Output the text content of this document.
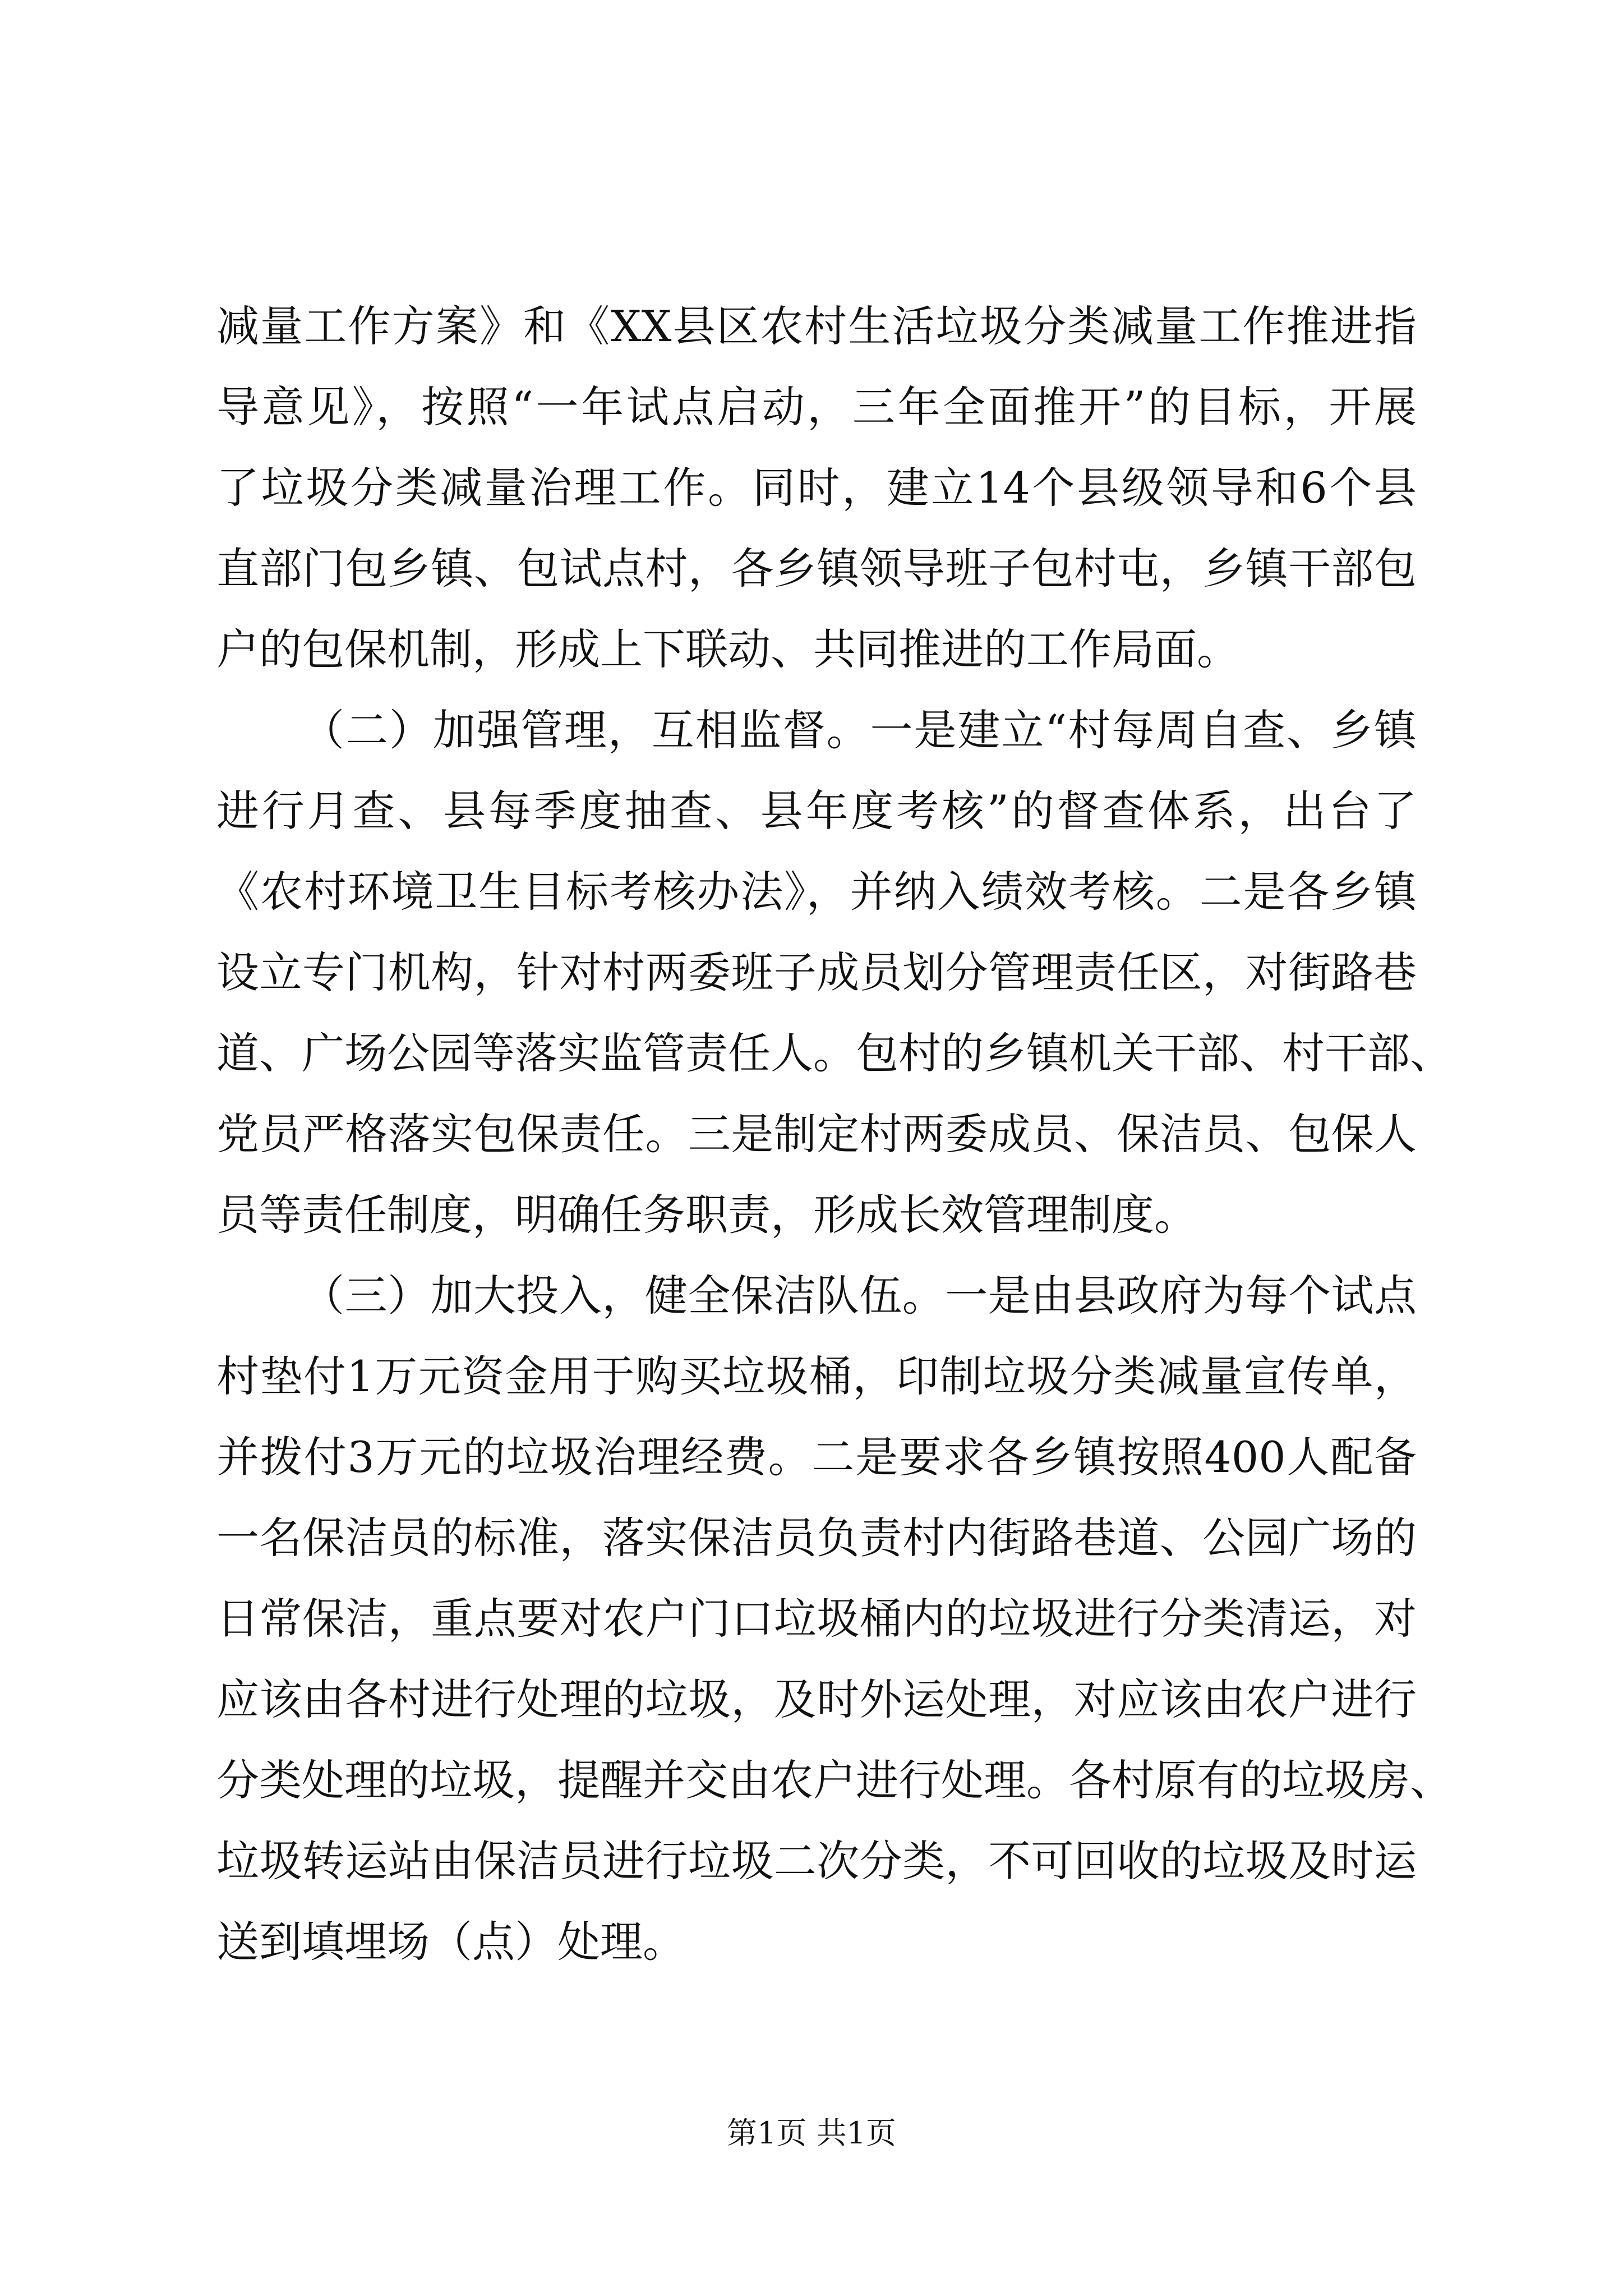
减量工作方案》和《XX县区农村生活垃圾分类减量工作推进指
导意见》，按照“一年试点启动，三年全面推开”的目标，开展
了垃圾分类减量治理工作。同时，建立14个县级领导和6个县
直部门包乡镇、包试点村，各乡镇领导班子包村屯，乡镇干部包
户的包保机制，形成上下联动、共同推进的工作局面。
（二）加强管理，互相监督。一是建立“村每周自查、乡镇
进行月查、县每季度抽查、县年度考核”的督查体系，出台了
《农村环境卫生目标考核办法》，并纳入绩效考核。二是各乡镇
设立专门机构，针对村两委班子成员划分管理责任区，对街路巷
道、广场公园等落实监管责任人。包村的乡镇机关干部、村干部、
党员严格落实包保责任。三是制定村两委成员、保洁员、包保人
员等责任制度，明确任务职责，形成长效管理制度。
（三）加大投入，健全保洁队伍。一是由县政府为每个试点
村垫付1万元资金用于购买垃圾桶，印制垃圾分类减量宣传单，
并拨付3万元的垃圾治理经费。二是要求各乡镇按照400人配备
一名保洁员的标准，落实保洁员负责村内街路巷道、公园广场的
日常保洁，重点要对农户门口垃圾桶内的垃圾进行分类清运，对
应该由各村进行处理的垃圾，及时外运处理，对应该由农户进行
分类处理的垃圾，提醒并交由农户进行处理。各村原有的垃圾房、
垃圾转运站由保洁员进行垃圾二次分类，不可回收的垃圾及时运
送到填埋场（点）处理。
第1页 共1页
